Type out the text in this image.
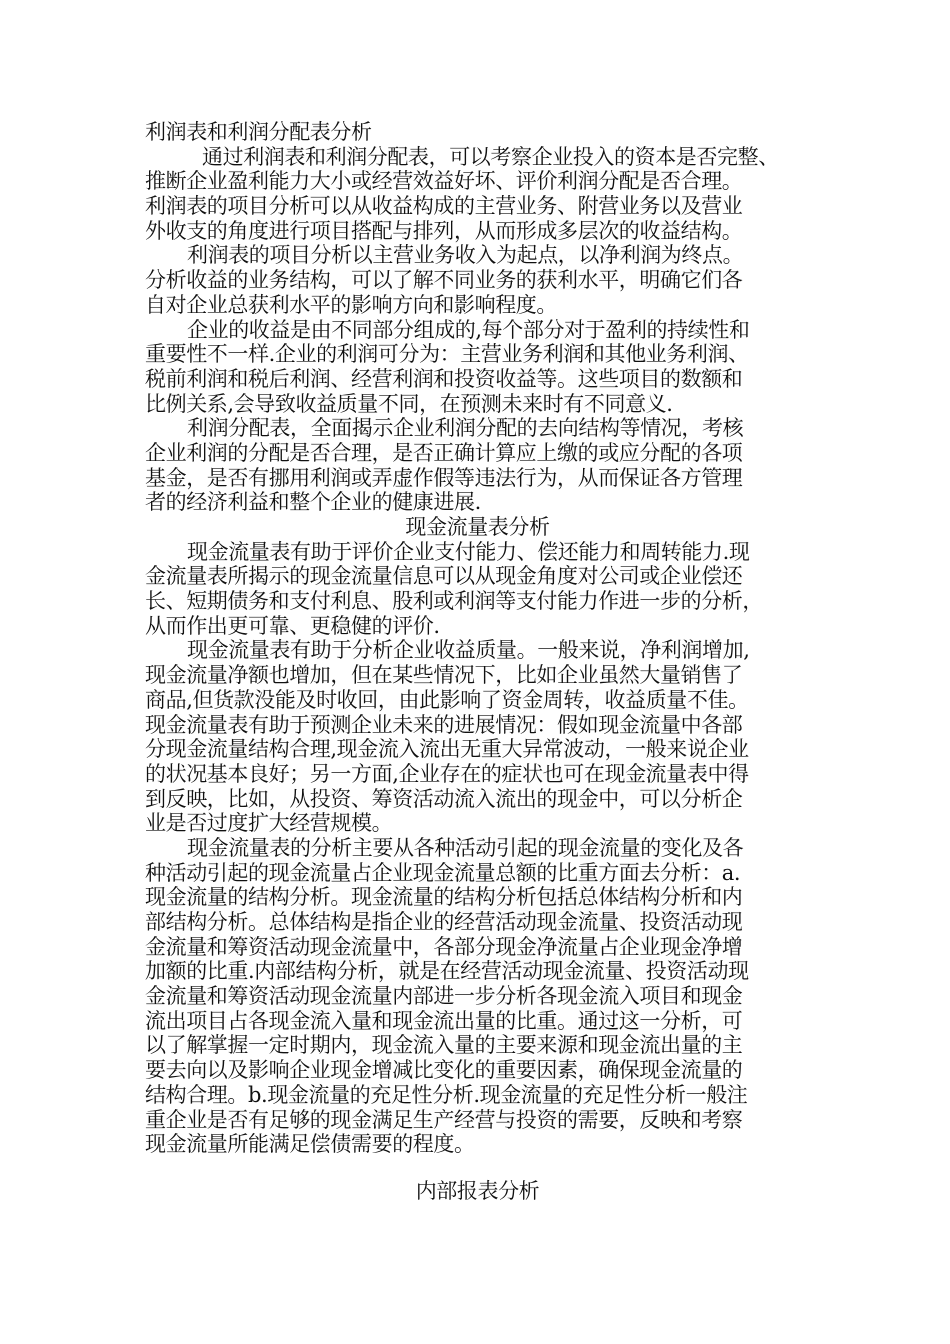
利润表和利润分配表分析
通过利润表和利润分配表，可以考察企业投入的资本是否完整、
推断企业盈利能力大小或经营效益好坏、评价利润分配是否合理。
利润表的项目分析可以从收益构成的主营业务、附营业务以及营业
外收支的角度进行项目搭配与排列，从而形成多层次的收益结构。
利润表的项目分析以主营业务收入为起点，以净利润为终点。
分析收益的业务结构，可以了解不同业务的获利水平，明确它们各
自对企业总获利水平的影响方向和影响程度。
企业的收益是由不同部分组成的,每个部分对于盈利的持续性和
重要性不一样.企业的利润可分为：主营业务利润和其他业务利润、
税前利润和税后利润、经营利润和投资收益等。这些项目的数额和
比例关系,会导致收益质量不同，在预测未来时有不同意义.
利润分配表，全面揭示企业利润分配的去向结构等情况，考核
企业利润的分配是否合理，是否正确计算应上缴的或应分配的各项
基金，是否有挪用利润或弄虚作假等违法行为，从而保证各方管理
者的经济利益和整个企业的健康进展.
现金流量表分析
现金流量表有助于评价企业支付能力、偿还能力和周转能力.现
金流量表所揭示的现金流量信息可以从现金角度对公司或企业偿还
长、短期债务和支付利息、股利或利润等支付能力作进一步的分析，
从而作出更可靠、更稳健的评价.
现金流量表有助于分析企业收益质量。一般来说，净利润增加,
现金流量净额也增加，但在某些情况下，比如企业虽然大量销售了
商品,但货款没能及时收回，由此影响了资金周转，收益质量不佳。
现金流量表有助于预测企业未来的进展情况：假如现金流量中各部
分现金流量结构合理,现金流入流出无重大异常波动，一般来说企业
的状况基本良好；另一方面,企业存在的症状也可在现金流量表中得
到反映，比如，从投资、筹资活动流入流出的现金中，可以分析企
业是否过度扩大经营规模。
现金流量表的分析主要从各种活动引起的现金流量的变化及各
种活动引起的现金流量占企业现金流量总额的比重方面去分析：a.
现金流量的结构分析。现金流量的结构分析包括总体结构分析和内
部结构分析。总体结构是指企业的经营活动现金流量、投资活动现
金流量和筹资活动现金流量中，各部分现金净流量占企业现金净增
加额的比重.内部结构分析，就是在经营活动现金流量、投资活动现
金流量和筹资活动现金流量内部进一步分析各现金流入项目和现金
流出项目占各现金流入量和现金流出量的比重。通过这一分析，可
以了解掌握一定时期内，现金流入量的主要来源和现金流出量的主
要去向以及影响企业现金增减比变化的重要因素，确保现金流量的
结构合理。b.现金流量的充足性分析.现金流量的充足性分析一般注
重企业是否有足够的现金满足生产经营与投资的需要，反映和考察
现金流量所能满足偿债需要的程度。
内部报表分析
